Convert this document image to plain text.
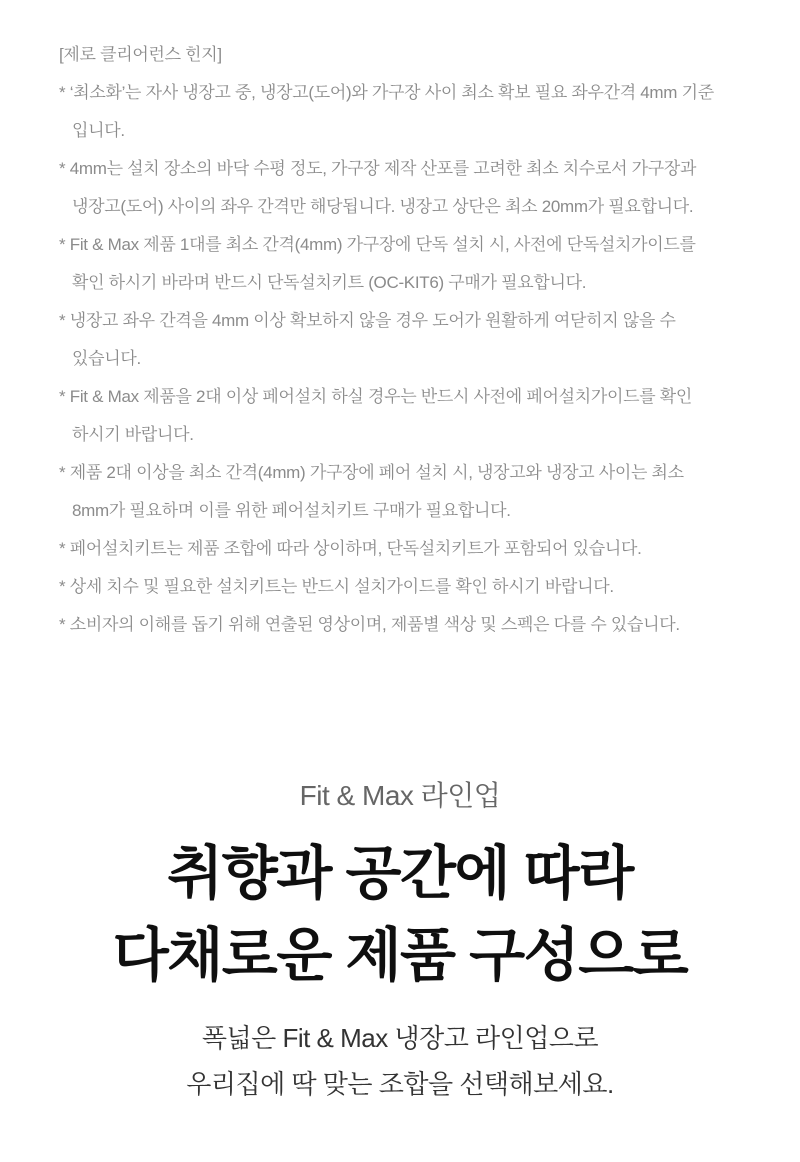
[제로 클리어런스 힌지]

* ‘최소화’는 자사 냉장고 중, 냉장고(도어)와 가구장 사이 최소 확보 필요 좌우간격 4mm 기준
입니다.

* 4mm는 설치 장소의 바닥 수평 정도, 가구장 제작 산포를 고려한 최소 치수로서 가구장과
냉장고(도어) 사이의 좌우 간격만 해당됩니다. 냉장고 상단은 최소 20mm가 필요합니다.

* Fit & Max 제품 1대를 최소 간격(4mm) 가구장에 단독 설치 시, 사전에 단독설치가이드를
확인 하시기 바라며 반드시 단독설치키트 (OC-KIT6) 구매가 필요합니다.

* 냉장고 좌우 간격을 4mm 이상 확보하지 않을 경우 도어가 원활하게 여닫히지 않을 수
있습니다.

* Fit & Max 제품을 2대 이상 페어설치 하실 경우는 반드시 사전에 페어설치가이드를 확인
하시기 바랍니다.

* 제품 2대 이상을 최소 간격(4mm) 가구장에 페어 설치 시, 냉장고와 냉장고 사이는 최소
8mm가 필요하며 이를 위한 페어설치키트 구매가 필요합니다.

* 페어설치키트는 제품 조합에 따라 상이하며, 단독설치키트가 포함되어 있습니다.

* 상세 치수 및 필요한 설치키트는 반드시 설치가이드를 확인 하시기 바랍니다.

* 소비자의 이해를 돕기 위해 연출된 영상이며, 제품별 색상 및 스펙은 다를 수 있습니다.

Fit & Max 라인업

취향과 공간에 따라
다채로운 제품 구성으로

폭넓은 Fit & Max 냉장고 라인업으로
우리집에 딱 맞는 조합을 선택해보세요.
